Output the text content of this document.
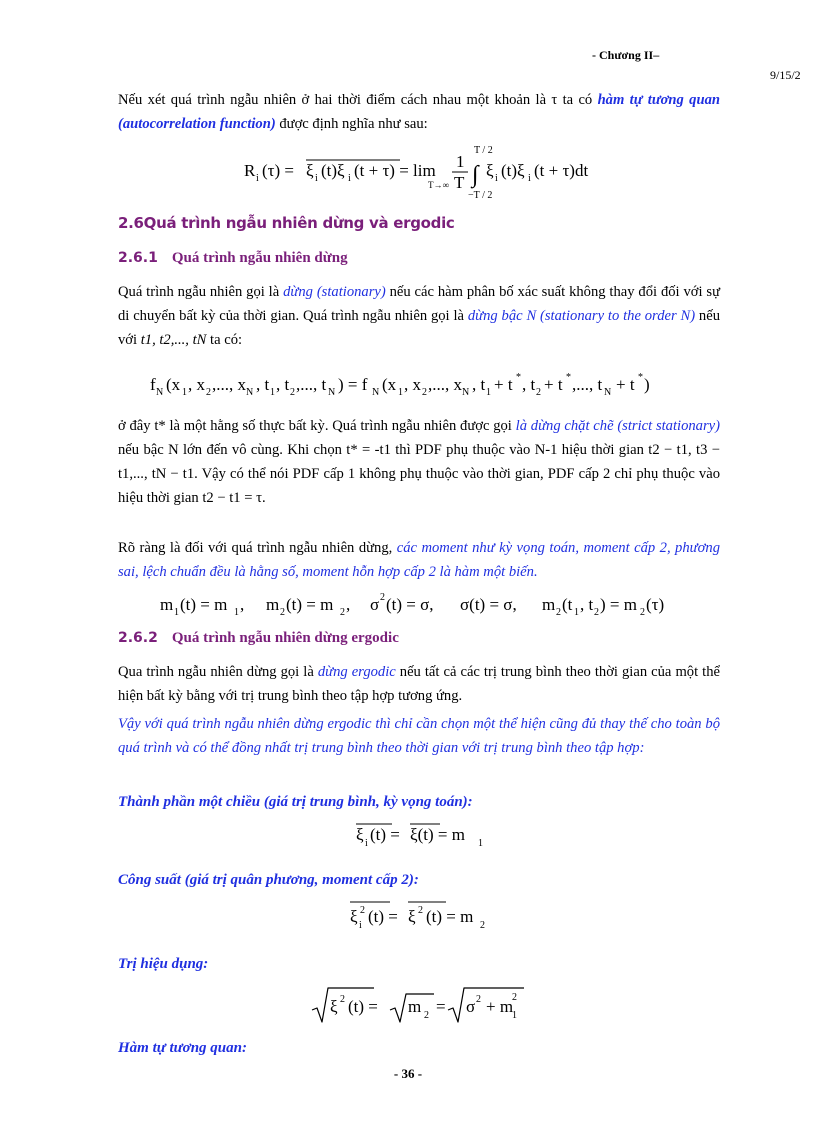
- Chương II–
9/15/2
Nếu xét quá trình ngẫu nhiên ở hai thời điểm cách nhau một khoản là τ ta có hàm tự tương quan (autocorrelation function) được định nghĩa như sau:
R i (τ) = ξ i (t)ξ i (t + τ) = lim
T→∞
1
T
T / 2
∫
−T / 2
ξ i (t)ξ i (t + τ)dt
2.6Quá trình ngẫu nhiên dừng và ergodic
2.6.1 Quá trình ngẫu nhiên dừng
Quá trình ngẫu nhiên gọi là dừng (stationary) nếu các hàm phân bố xác suất không thay đổi đối với sự di chuyển bất kỳ của thời gian. Quá trình ngẫu nhiên gọi là dừng bậc N (stationary to the order N) nếu với t1, t2,..., tN ta có:
f N (x 1 , x 2 ,..., x N , t 1 , t 2 ,..., t N ) = f N (x 1 , x 2 ,..., x N , t 1 + t * , t 2 + t * ,..., t N + t * )
ở đây t* là một hằng số thực bất kỳ. Quá trình ngẫu nhiên được gọi là dừng chặt chẽ (strict stationary) nếu bậc N lớn đến vô cùng. Khi chọn t* = -t1 thì PDF phụ thuộc vào N-1 hiệu thời gian t2 − t1, t3 − t1,..., tN − t1. Vậy có thể nói PDF cấp 1 không phụ thuộc vào thời gian, PDF cấp 2 chỉ phụ thuộc vào hiệu thời gian t2 − t1 = τ.
Rõ ràng là đối với quá trình ngẫu nhiên dừng, các moment như kỳ vọng toán, moment cấp 2, phương sai, lệch chuẩn đều là hằng số, moment hỗn hợp cấp 2 là hàm một biến.
m 1 (t) = m 1 , m 2 (t) = m 2 , σ 2 (t) = σ, σ(t) = σ, m 2 (t 1 , t 2 ) = m 2 (τ)
2.6.2 Quá trình ngẫu nhiên dừng ergodic
Qua trình ngẫu nhiên dừng gọi là dừng ergodic nếu tất cả các trị trung bình theo thời gian của một thể hiện bất kỳ bằng với trị trung bình theo tập hợp tương ứng.
Vậy với quá trình ngẫu nhiên dừng ergodic thì chỉ cần chọn một thể hiện cũng đủ thay thế cho toàn bộ quá trình và có thể đồng nhất trị trung bình theo thời gian với trị trung bình theo tập hợp:
Thành phần một chiều (giá trị trung bình, kỳ vọng toán):
ξ i (t) = ξ(t) = m 1
Công suất (giá trị quân phương, moment cấp 2):
ξ 2
i (t) = ξ 2 (t) = m 2
Trị hiệu dụng:
ξ 2 (t) = m 2 = σ 2 + m
2
1
Hàm tự tương quan:
- 36 -
